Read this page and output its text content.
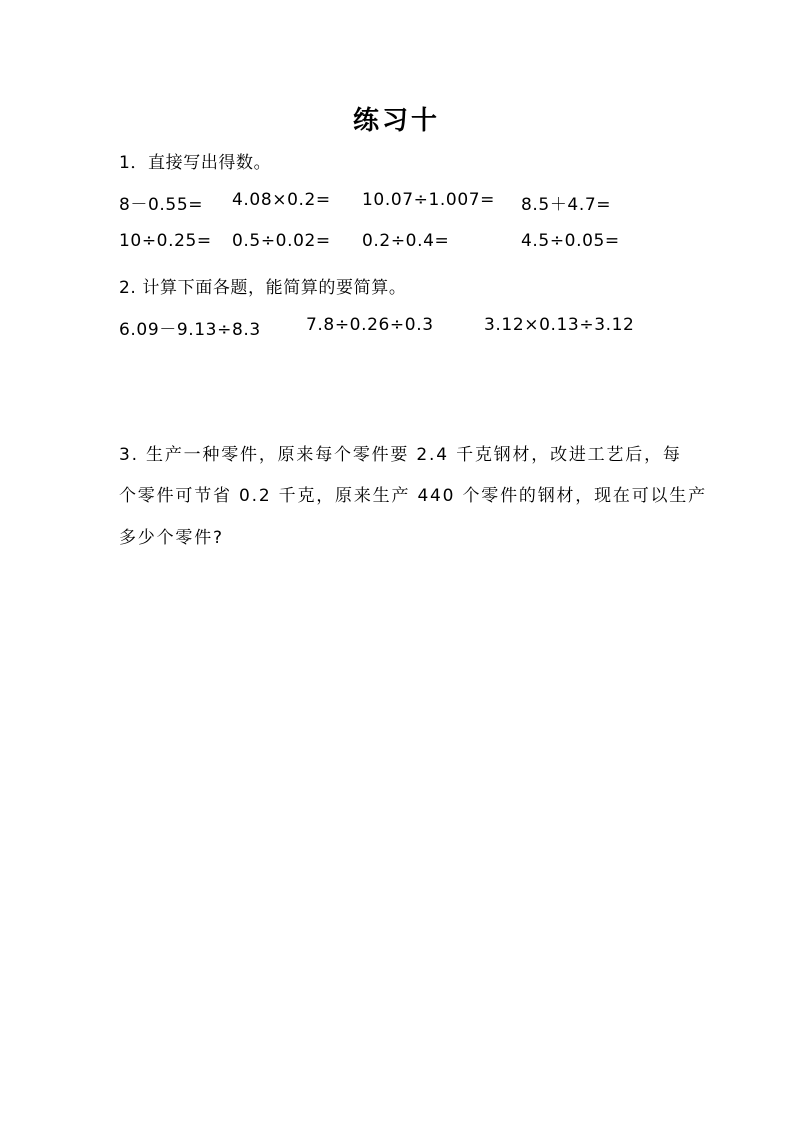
练习十
1．直接写出得数。
8－0.55= 4.08×0.2= 10.07÷1.007= 8.5＋4.7=
10÷0.25= 0.5÷0.02= 0.2÷0.4=	4.5÷0.05=
2. 计算下面各题，能简算的要简算。
6.09－9.13÷8.3	7.8÷0.26÷0.3	3.12×0.13÷3.12
3. 生产一种零件，原来每个零件要 2.4 千克钢材，改进工艺后，每
个零件可节省 0.2 千克，原来生产 440 个零件的钢材，现在可以生产
多少个零件?
